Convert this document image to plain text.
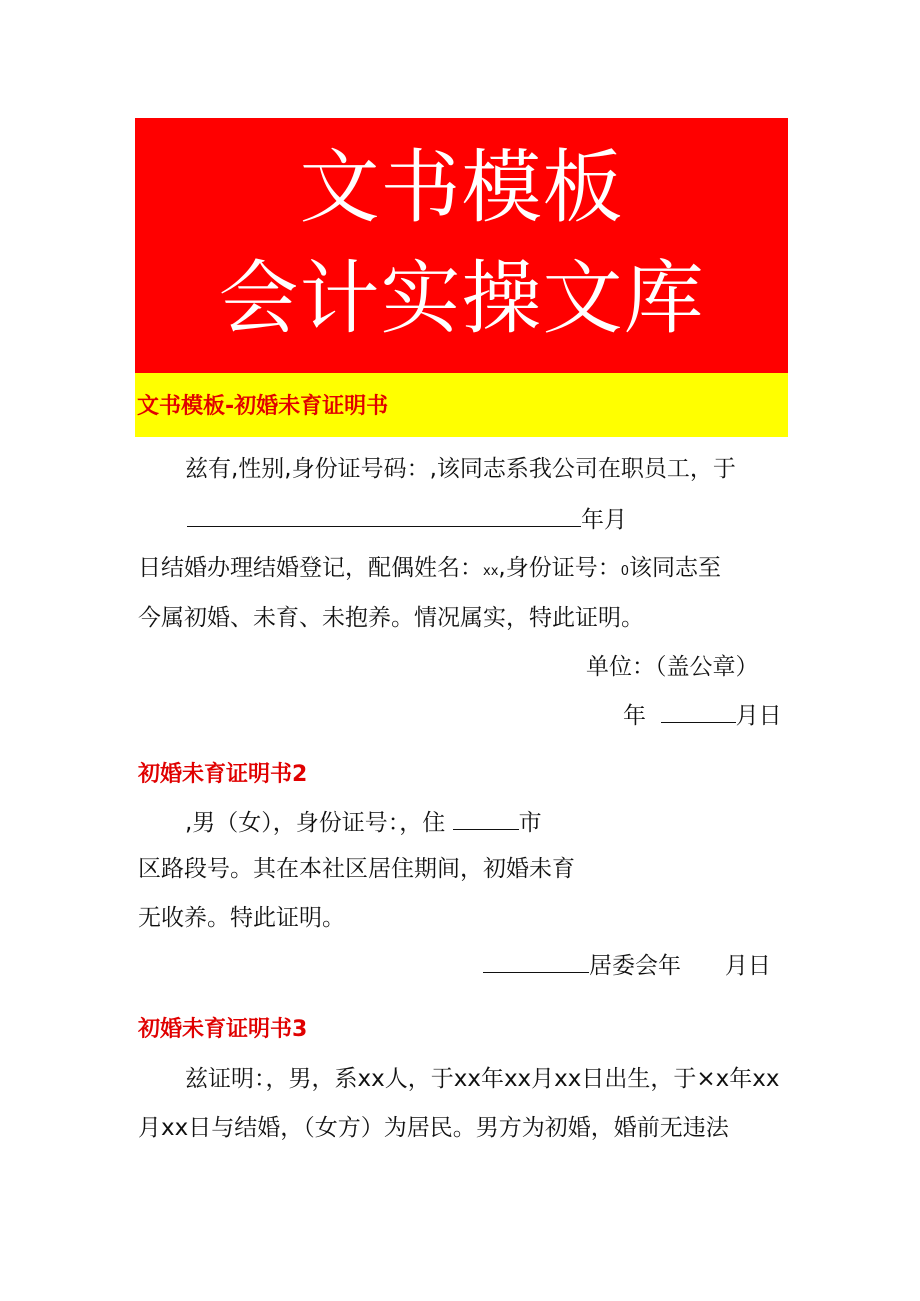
文书模板
会计实操文库
文书模板-初婚未育证明书
兹有,性别,身份证号码：,该同志系我公司在职员工，于
年月
日结婚办理结婚登记，配偶姓名：xx,身份证号：0该同志至
今属初婚、未育、未抱养。情况属实，特此证明。
单位：（盖公章）
年	月日
初婚未育证明书2
,男（女），身份证号：，住	市
区路段号。其在本社区居住期间，初婚未育
无收养。特此证明。
居委会年 月日
初婚未育证明书3
兹证明：，男，系xx人，于xx年xx月xx日出生，于×x年xx
月xx日与结婚，（女方）为居民。男方为初婚，婚前无违法
